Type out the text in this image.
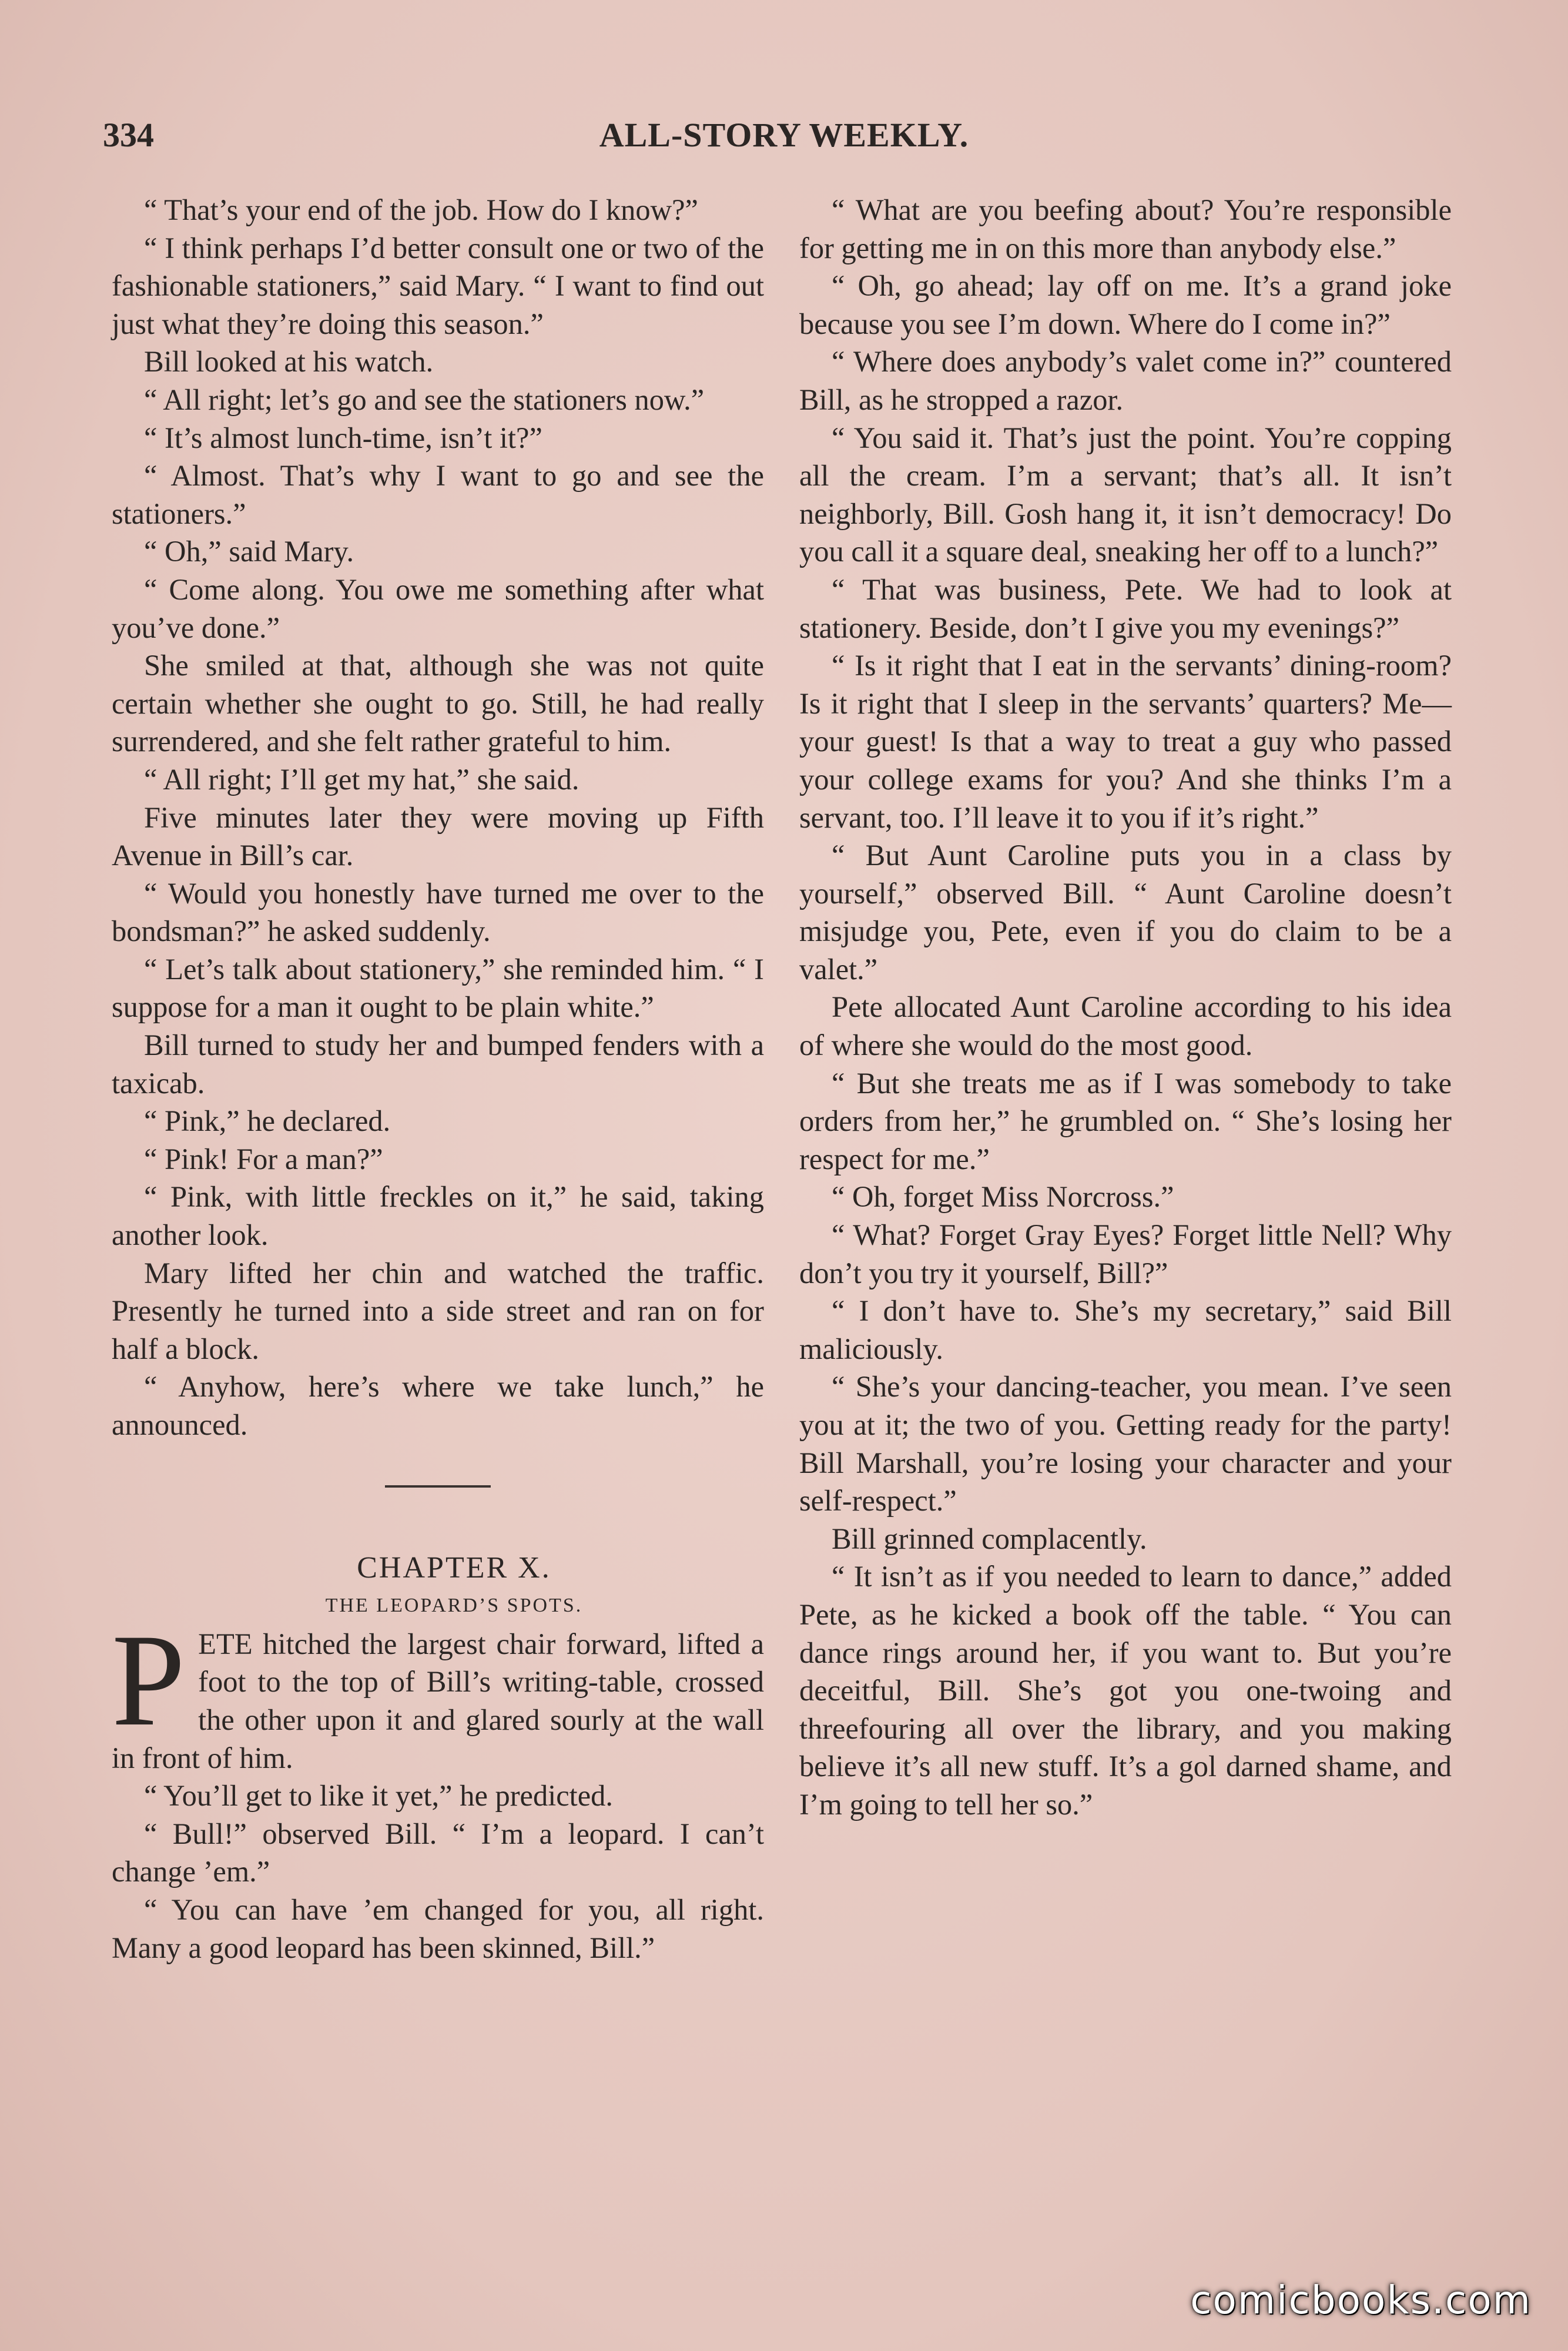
334	ALL-STORY WEEKLY.

“ That’s your end of the job. How do I know?”

“ I think perhaps I’d better consult one or two of the fashionable stationers,” said Mary. “ I want to find out just what they’re doing this season.”

Bill looked at his watch.

“ All right; let’s go and see the stationers now.”

“ It’s almost lunch-time, isn’t it?”

“ Almost. That’s why I want to go and see the stationers.”

“ Oh,” said Mary.

“ Come along. You owe me something after what you’ve done.”

She smiled at that, although she was not quite certain whether she ought to go. Still, he had really surrendered, and she felt rather grateful to him.

“ All right; I’ll get my hat,” she said.

Five minutes later they were moving up Fifth Avenue in Bill’s car.

“ Would you honestly have turned me over to the bondsman?” he asked suddenly.

“ Let’s talk about stationery,” she reminded him. “ I suppose for a man it ought to be plain white.”

Bill turned to study her and bumped fenders with a taxicab.

“ Pink,” he declared.

“ Pink! For a man?”

“ Pink, with little freckles on it,” he said, taking another look.

Mary lifted her chin and watched the traffic. Presently he turned into a side street and ran on for half a block.

“ Anyhow, here’s where we take lunch,” he announced.

CHAPTER X.

THE LEOPARD’S SPOTS.

PETE hitched the largest chair forward, lifted a foot to the top of Bill’s writing-table, crossed the other upon it and glared sourly at the wall in front of him.

“ You’ll get to like it yet,” he predicted.

“ Bull!” observed Bill. “ I’m a leopard. I can’t change ’em.”

“ You can have ’em changed for you, all right. Many a good leopard has been skinned, Bill.”

“ What are you beefing about? You’re responsible for getting me in on this more than anybody else.”

“ Oh, go ahead; lay off on me. It’s a grand joke because you see I’m down. Where do I come in?”

“ Where does anybody’s valet come in?” countered Bill, as he stropped a razor.

“ You said it. That’s just the point. You’re copping all the cream. I’m a servant; that’s all. It isn’t neighborly, Bill. Gosh hang it, it isn’t democracy! Do you call it a square deal, sneaking her off to a lunch?”

“ That was business, Pete. We had to look at stationery. Beside, don’t I give you my evenings?”

“ Is it right that I eat in the servants’ dining-room? Is it right that I sleep in the servants’ quarters? Me—your guest! Is that a way to treat a guy who passed your college exams for you? And she thinks I’m a servant, too. I’ll leave it to you if it’s right.”

“ But Aunt Caroline puts you in a class by yourself,” observed Bill. “ Aunt Caroline doesn’t misjudge you, Pete, even if you do claim to be a valet.”

Pete allocated Aunt Caroline according to his idea of where she would do the most good.

“ But she treats me as if I was somebody to take orders from her,” he grumbled on. “ She’s losing her respect for me.”

“ Oh, forget Miss Norcross.”

“ What? Forget Gray Eyes? Forget little Nell? Why don’t you try it yourself, Bill?”

“ I don’t have to. She’s my secretary,” said Bill maliciously.

“ She’s your dancing-teacher, you mean. I’ve seen you at it; the two of you. Getting ready for the party! Bill Marshall, you’re losing your character and your self-respect.”

Bill grinned complacently.

“ It isn’t as if you needed to learn to dance,” added Pete, as he kicked a book off the table. “ You can dance rings around her, if you want to. But you’re deceitful, Bill. She’s got you one-twoing and threefouring all over the library, and you making believe it’s all new stuff. It’s a gol darned shame, and I’m going to tell her so.”

comicbooks.com
